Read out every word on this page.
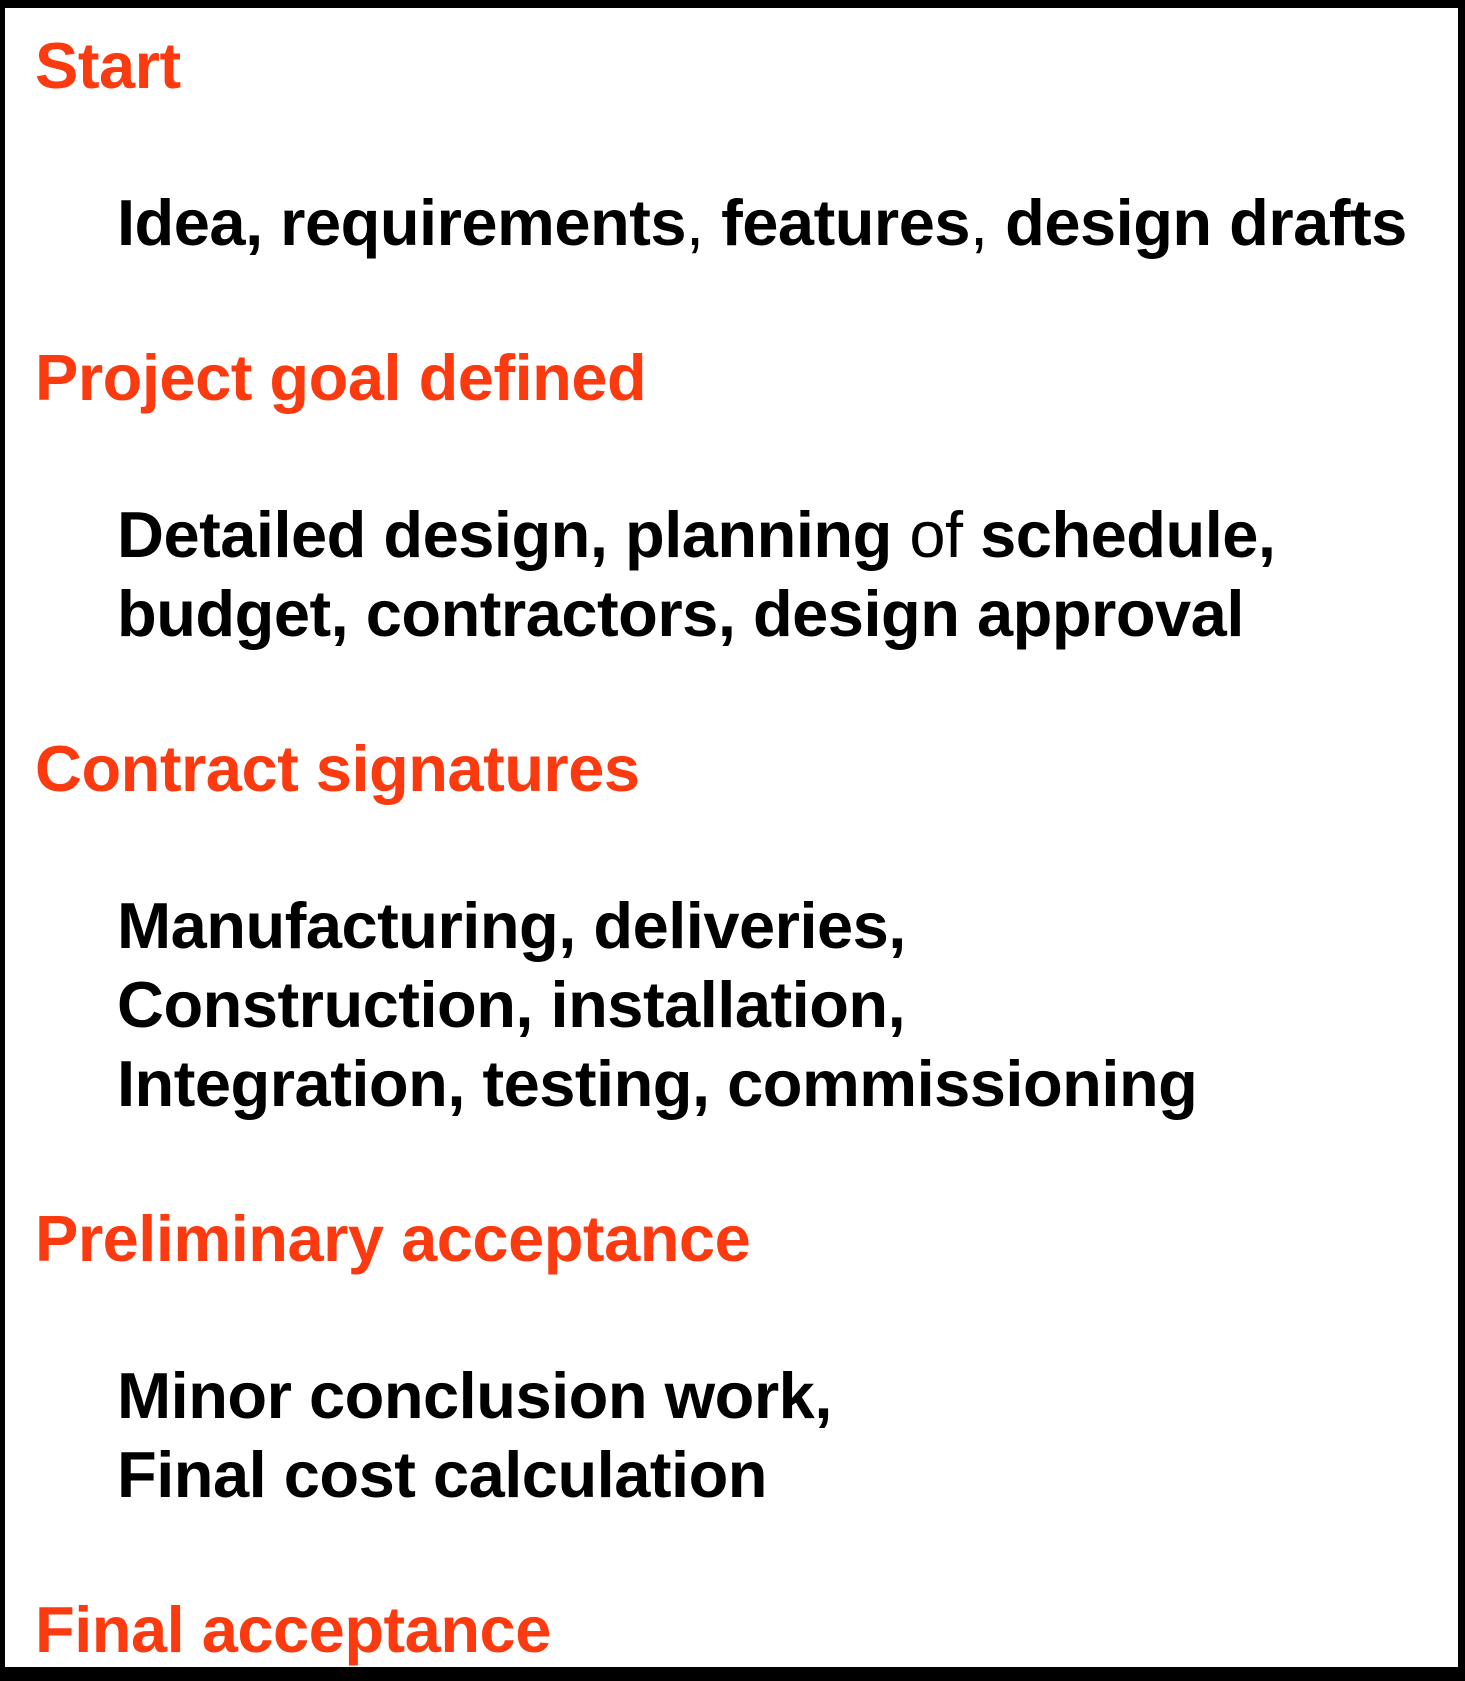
Start
Idea, requirements, features, design drafts
Project goal defined
Detailed design, planning of schedule,
budget, contractors, design approval
Contract signatures
Manufacturing, deliveries,
Construction, installation,
Integration, testing, commissioning
Preliminary acceptance
Minor conclusion work,
Final cost calculation
Final acceptance
